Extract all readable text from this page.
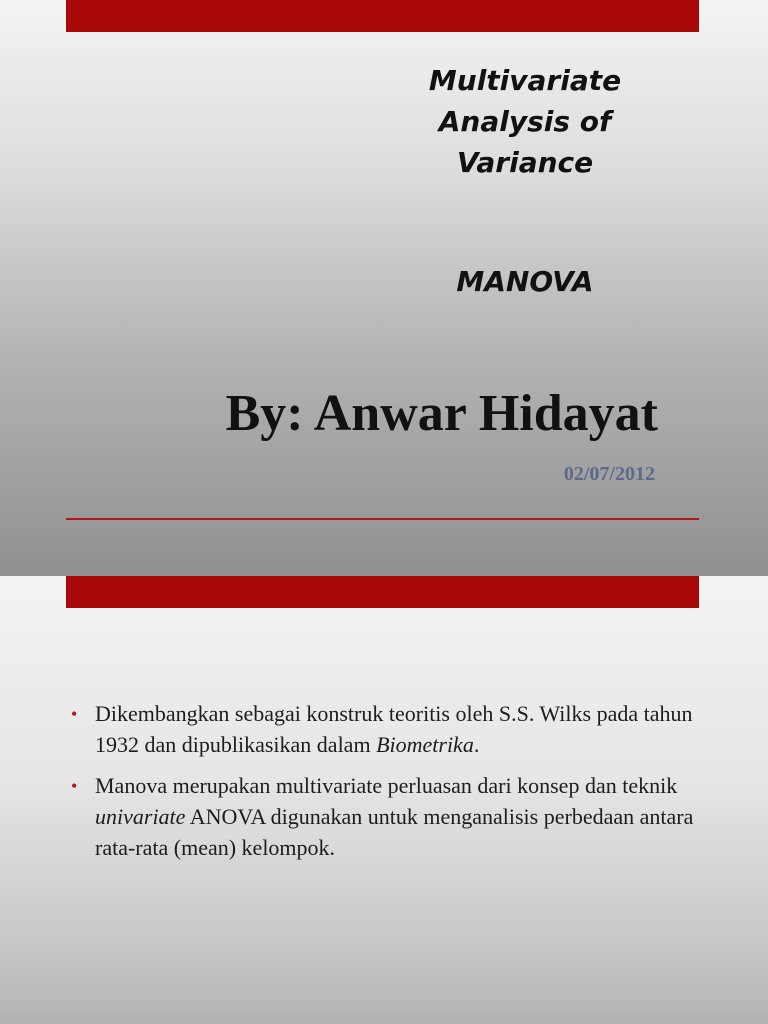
Multivariate
Analysis of
Variance
MANOVA
By: Anwar Hidayat
02/07/2012
• Dikembangkan sebagai konstruk teoritis oleh S.S. Wilks pada tahun 1932 dan dipublikasikan dalam Biometrika.
• Manova merupakan multivariate perluasan dari konsep dan teknik univariate ANOVA digunakan untuk menganalisis perbedaan antara rata-rata (mean) kelompok.
